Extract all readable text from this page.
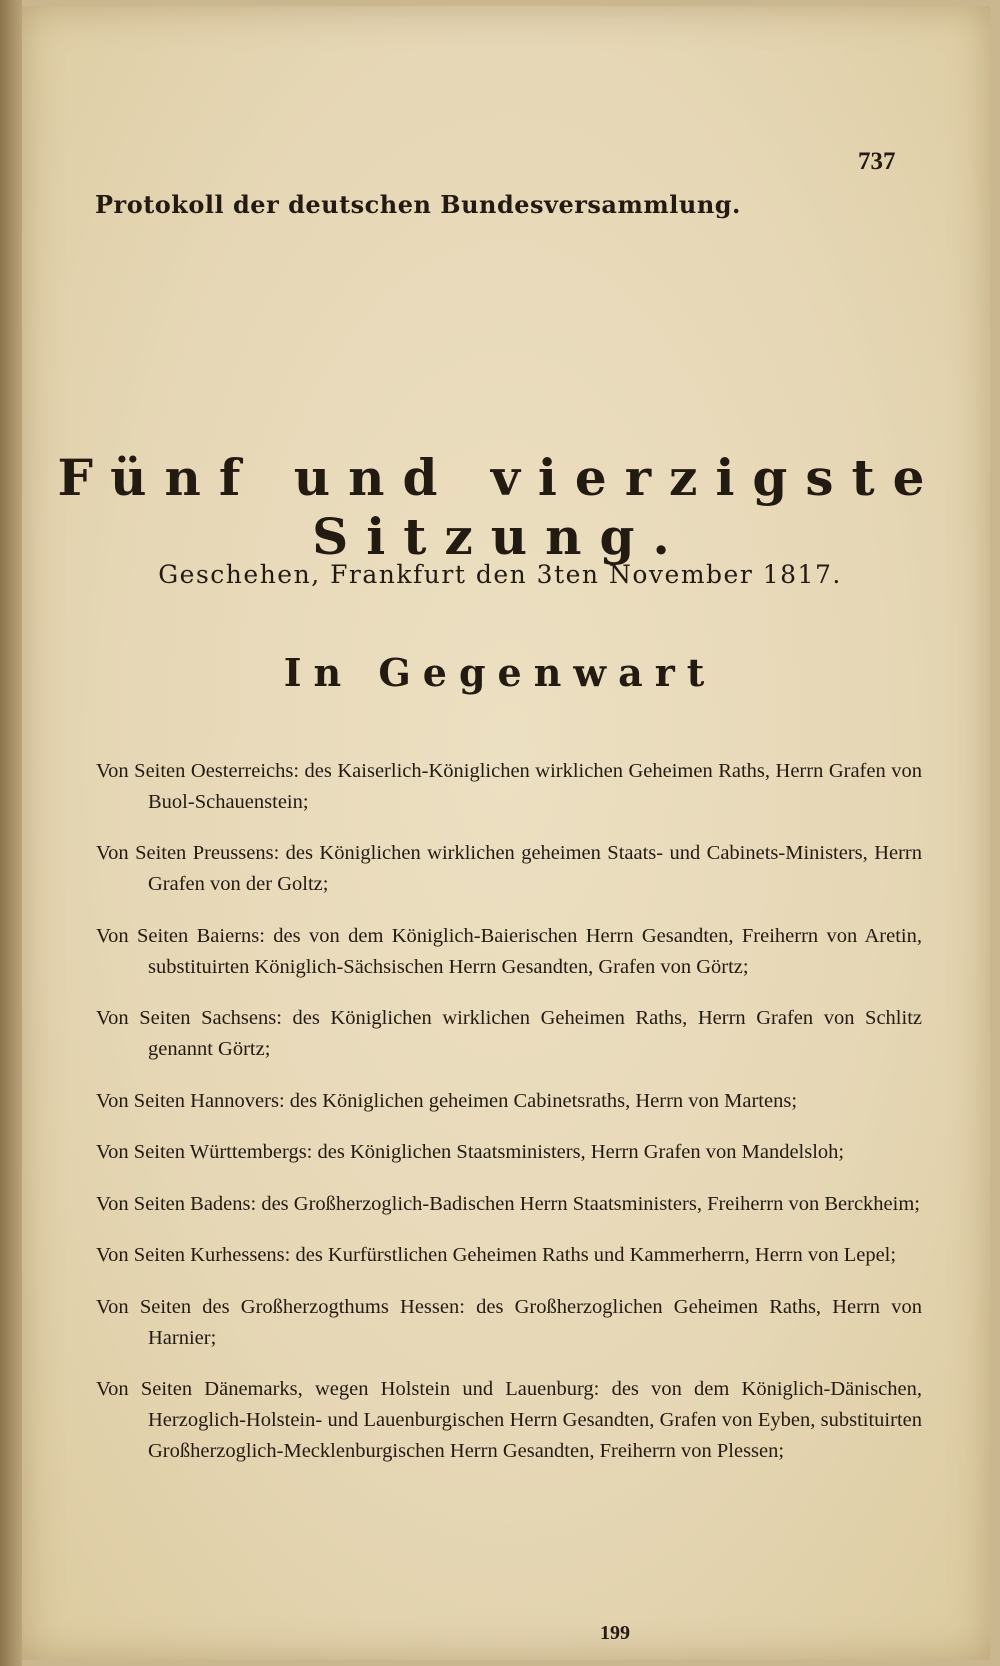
737
Protokoll der deutschen Bundesversammlung.
Fünf und vierzigste Sitzung.
Geschehen, Frankfurt den 3ten November 1817.
In Gegenwart

Von Seiten Oesterreichs: des Kaiserlich-Königlichen wirklichen Geheimen Raths, Herrn Grafen von Buol-Schauenstein;

Von Seiten Preussens: des Königlichen wirklichen geheimen Staats- und Cabinets-Ministers, Herrn Grafen von der Goltz;

Von Seiten Baierns: des von dem Königlich-Baierischen Herrn Gesandten, Freiherrn von Aretin, substituirten Königlich-Sächsischen Herrn Gesandten, Grafen von Görtz;

Von Seiten Sachsens: des Königlichen wirklichen Geheimen Raths, Herrn Grafen von Schlitz genannt Görtz;

Von Seiten Hannovers: des Königlichen geheimen Cabinetsraths, Herrn von Martens;

Von Seiten Württembergs: des Königlichen Staatsministers, Herrn Grafen von Mandelsloh;

Von Seiten Badens: des Großherzoglich-Badischen Herrn Staatsministers, Freiherrn von Berckheim;

Von Seiten Kurhessens: des Kurfürstlichen Geheimen Raths und Kammerherrn, Herrn von Lepel;

Von Seiten des Großherzogthums Hessen: des Großherzoglichen Geheimen Raths, Herrn von Harnier;

Von Seiten Dänemarks, wegen Holstein und Lauenburg: des von dem Königlich-Dänischen, Herzoglich-Holstein- und Lauenburgischen Herrn Gesandten, Grafen von Eyben, substituirten Großherzoglich-Mecklenburgischen Herrn Gesandten, Freiherrn von Plessen;

199
